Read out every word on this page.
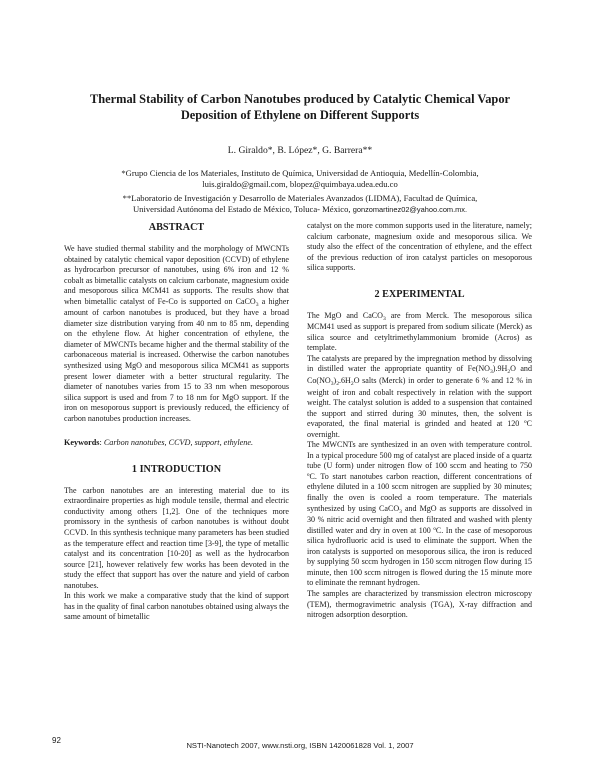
Thermal Stability of Carbon Nanotubes produced by Catalytic Chemical Vapor
Deposition of Ethylene on Different Supports
L. Giraldo*, B. López*, G. Barrera**
*Grupo Ciencia de los Materiales, Instituto de Química, Universidad de Antioquia, Medellín-Colombia,
luis.giraldo@gmail.com, blopez@quimbaya.udea.edu.co
**Laboratorio de Investigación y Desarrollo de Materiales Avanzados (LIDMA), Facultad de Química,
Universidad Autónoma del Estado de México, Toluca- México, gonzomartinez02@yahoo.com.mx.
ABSTRACT

We have studied thermal stability and the morphology of MWCNTs obtained by catalytic chemical vapor deposition (CCVD) of ethylene as hydrocarbon precursor of nanotubes, using 6% iron and 12 % cobalt as bimetallic catalysts on calcium carbonate, magnesium oxide and mesoporous silica MCM41 as supports. The results show that when bimetallic catalyst of Fe-Co is supported on CaCO$_3$ a higher amount of carbon nanotubes is produced, but they have a broad diameter size distribution varying from 40 nm to 85 nm, depending on the ethylene flow. At higher concentration of ethylene, the diameter of MWCNTs became higher and the thermal stability of the carbonaceous material is increased. Otherwise the carbon nanotubes synthesized using MgO and mesoporous silica MCM41 as supports present lower diameter with a better structural regularity. The diameter of nanotubes varies from 15 to 33 nm when mesoporous silica support is used and from 7 to 18 nm for MgO support. If the iron on mesoporous support is previously reduced, the efficiency of carbon nanotubes production increases.

Keywords: Carbon nanotubes, CCVD, support, ethylene.

1 INTRODUCTION

The carbon nanotubes are an interesting material due to its extraordinaire properties as high module tensile, thermal and electric conductivity among others [1,2]. One of the techniques more promissory in the synthesis of carbon nanotubes is without doubt CCVD. In this synthesis technique many parameters has been studied as the temperature effect and reaction time [3-9], the type of metallic catalyst and its concentration [10-20] as well as the hydrocarbon source [21], however relatively few works has been devoted in the study the effect that support has over the nature and yield of carbon nanotubes.

In this work we make a comparative study that the kind of support has in the quality of final carbon nanotubes obtained using always the same amount of bimetallic

catalyst on the more common supports used in the literature, namely; calcium carbonate, magnesium oxide and mesoporous silica. We study also the effect of the concentration of ethylene, and the effect of the previous reduction of iron catalyst particles on mesoporous silica supports.

2 EXPERIMENTAL

The MgO and CaCO$_3$ are from Merck. The mesoporous silica MCM41 used as support is prepared from sodium silicate (Merck) as silica source and cetyltrimethylammonium bromide (Acros) as template.

The catalysts are prepared by the impregnation method by dissolving in distilled water the appropriate quantity of $Fe(NO_3).9H_2O$ and $Co(NO_3)_2.6H_2O$ salts (Merck) in order to generate 6 % and 12 % in weight of iron and cobalt respectively in relation with the support weight. The catalyst solution is added to a suspension that contained the support and stirred during 30 minutes, then, the solvent is evaporated, the final material is grinded and heated at 120 ºC overnight.

The MWCNTs are synthesized in an oven with temperature control. In a typical procedure 500 mg of catalyst are placed inside of a quartz tube (U form) under nitrogen flow of 100 sccm and heating to 750 ºC. To start nanotubes carbon reaction, different concentrations of ethylene diluted in a 100 sccm nitrogen are supplied by 30 minutes; finally the oven is cooled a room temperature. The materials synthesized by using CaCO$_3$ and MgO as supports are dissolved in 30 % nitric acid overnight and then filtrated and washed with plenty distilled water and dry in oven at 100 ºC. In the case of mesoporous silica hydrofluoric acid is used to eliminate the support. When the iron catalysts is supported on mesoporous silica, the iron is reduced by supplying 50 sccm hydrogen in 150 sccm nitrogen flow during 15 minute, then 100 sccm nitrogen is flowed during the 15 minute more to eliminate the remnant hydrogen.

The samples are characterized by transmission electron microscopy (TEM), thermogravimetric analysis (TGA), X-ray diffraction and nitrogen adsorption desorption.

92
NSTI-Nanotech 2007, www.nsti.org, ISBN 1420061828 Vol. 1, 2007
